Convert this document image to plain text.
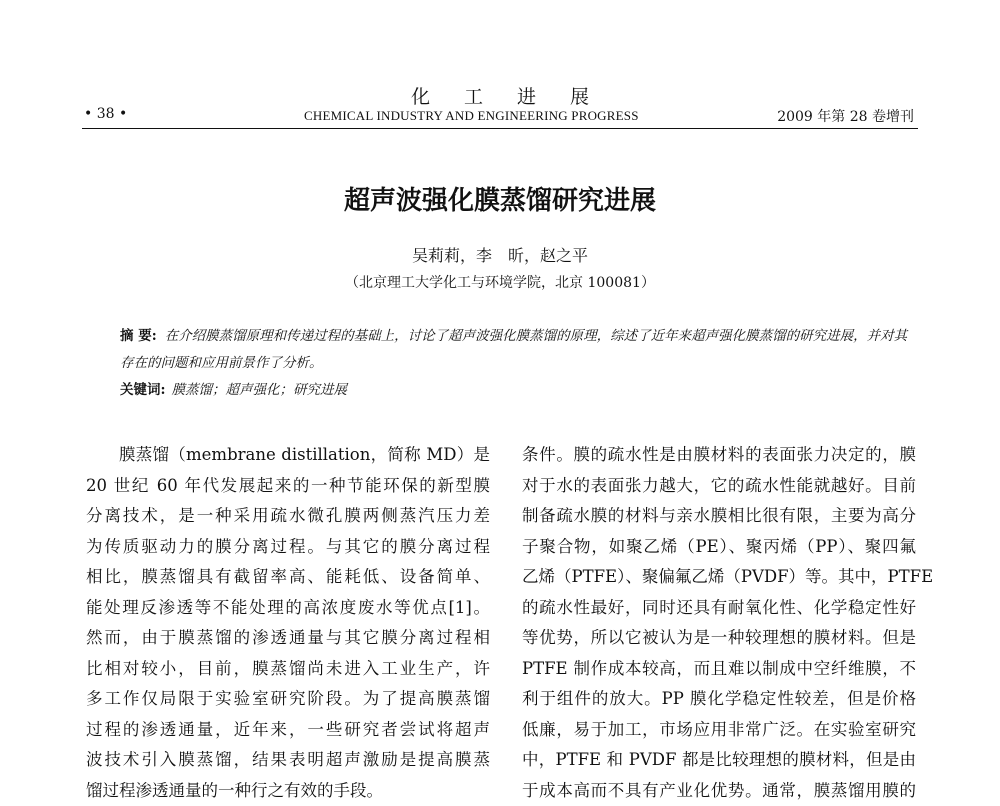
化工进展
• 38 •	CHEMICAL INDUSTRY AND ENGINEERING PROGRESS	2009 年第 28 卷增刊
超声波强化膜蒸馏研究进展
吴莉莉，李　昕，赵之平
（北京理工大学化工与环境学院，北京 100081）
摘 要: 在介绍膜蒸馏原理和传递过程的基础上，讨论了超声波强化膜蒸馏的原理，综述了近年来超声强化膜蒸馏的研究进展，并对其存在的问题和应用前景作了分析。
关键词: 膜蒸馏；超声强化；研究进展
膜蒸馏（membrane distillation，简称 MD）是
20 世纪 60 年代发展起来的一种节能环保的新型膜
分离技术，是一种采用疏水微孔膜两侧蒸汽压力差
为传质驱动力的膜分离过程。与其它的膜分离过程
相比，膜蒸馏具有截留率高、能耗低、设备简单、
能处理反渗透等不能处理的高浓度废水等优点[1]。
然而，由于膜蒸馏的渗透通量与其它膜分离过程相
比相对较小，目前，膜蒸馏尚未进入工业生产，许
多工作仅局限于实验室研究阶段。为了提高膜蒸馏
过程的渗透通量，近年来，一些研究者尝试将超声
波技术引入膜蒸馏，结果表明超声激励是提高膜蒸
馏过程渗透通量的一种行之有效的手段。
条件。膜的疏水性是由膜材料的表面张力决定的，膜
对于水的表面张力越大，它的疏水性能就越好。目前
制备疏水膜的材料与亲水膜相比很有限，主要为高分
子聚合物，如聚乙烯（PE）、聚丙烯（PP）、聚四氟
乙烯（PTFE）、聚偏氟乙烯（PVDF）等。其中，PTFE
的疏水性最好，同时还具有耐氧化性、化学稳定性好
等优势，所以它被认为是一种较理想的膜材料。但是
PTFE 制作成本较高，而且难以制成中空纤维膜，不
利于组件的放大。PP 膜化学稳定性较差，但是价格
低廉，易于加工，市场应用非常广泛。在实验室研究
中，PTFE 和 PVDF 都是比较理想的膜材料，但是由
于成本高而不具有产业化优势。通常，膜蒸馏用膜的
